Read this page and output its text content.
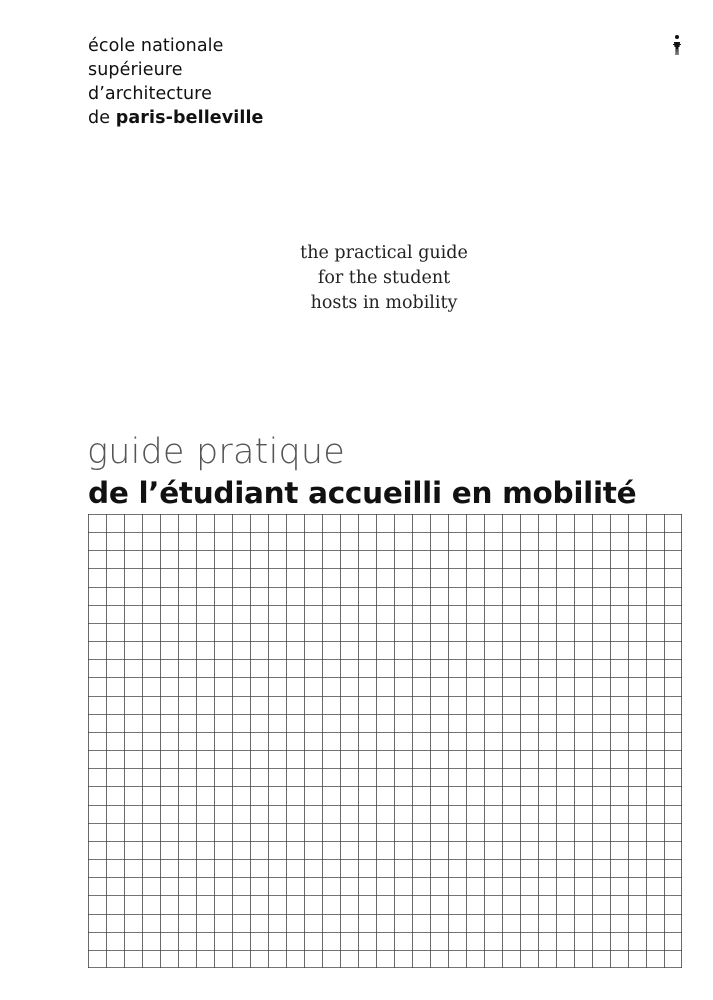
école nationale
supérieure
d’architecture
de paris-belleville
the practical guide
for the student
hosts in mobility
guide pratique
de l’étudiant accueilli en mobilité
